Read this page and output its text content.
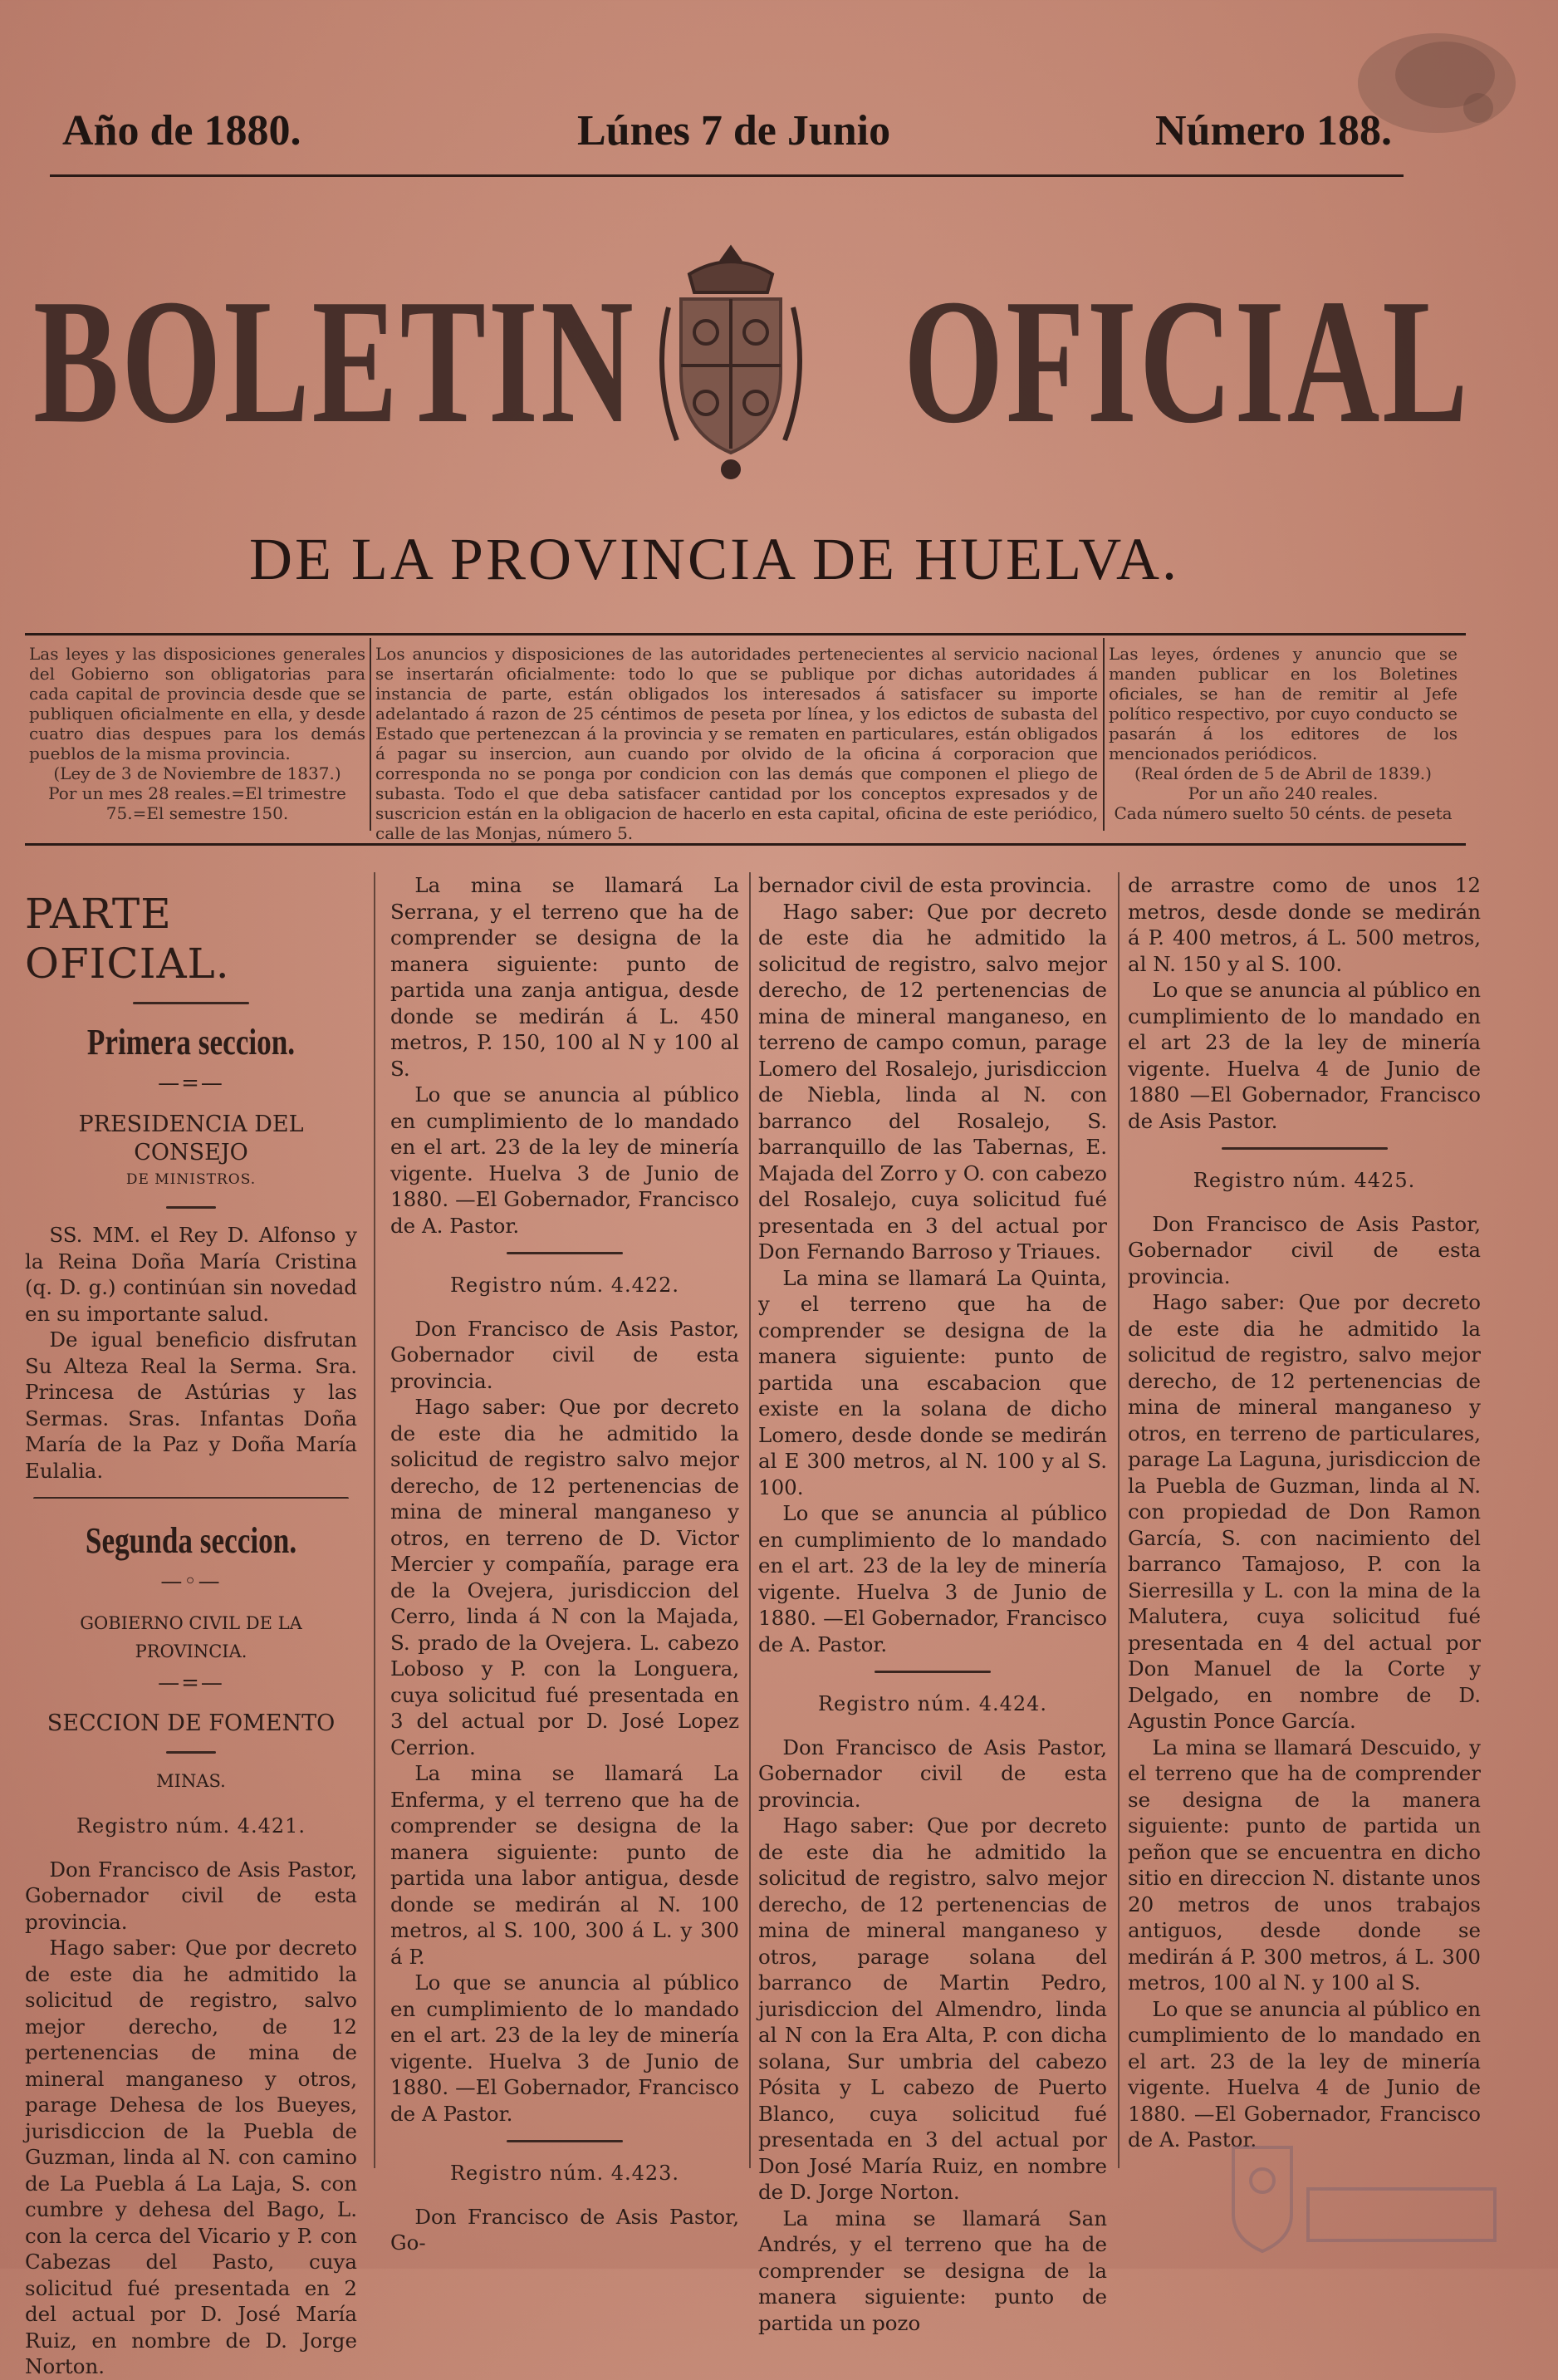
Año de 1880.	Lúnes 7 de Junio	Número 188.
BOLETIN OFICIAL
DE LA PROVINCIA DE HUELVA.

Las leyes y las disposiciones generales del Gobierno son obligatorias para cada capital de provincia desde que se publiquen oficialmente en ella, y desde cuatro dias despues para los demás pueblos de la misma provincia.

(Ley de 3 de Noviembre de 1837.)

Por un mes 28 reales.=El trimestre 75.=El semestre 150.

Los anuncios y disposiciones de las autoridades pertenecientes al servicio nacional se insertarán oficialmente: todo lo que se publique por dichas autoridades á instancia de parte, están obligados los interesados á satisfacer su importe adelantado á razon de 25 céntimos de peseta por línea, y los edictos de subasta del Estado que pertenezcan á la provincia y se rematen en particulares, están obligados á pagar su insercion, aun cuando por olvido de la oficina á corporacion que corresponda no se ponga por condicion con las demás que componen el pliego de subasta. Todo el que deba satisfacer cantidad por los conceptos expresados y de suscricion están en la obligacion de hacerlo en esta capital, oficina de este periódico, calle de las Monjas, número 5.

Las leyes, órdenes y anuncio que se manden publicar en los Boletines oficiales, se han de remitir al Jefe político respectivo, por cuyo conducto se pasarán á los editores de los mencionados periódicos.

(Real órden de 5 de Abril de 1839.)

Por un año 240 reales.

Cada número suelto 50 cénts. de peseta

PARTE OFICIAL.
Primera seccion.
—=—
PRESIDENCIA DEL CONSEJO
DE MINISTROS.

SS. MM. el Rey D. Alfonso y la Reina Doña María Cristina (q. D. g.) continúan sin novedad en su importante salud.

De igual beneficio disfrutan Su Alteza Real la Serma. Sra. Princesa de Astúrias y las Sermas. Sras. Infantas Doña María de la Paz y Doña María Eulalia.

Segunda seccion.
—◦—
GOBIERNO CIVIL DE LA PROVINCIA.
—=—
SECCION DE FOMENTO
MINAS.
Registro núm. 4.421.

Don Francisco de Asis Pastor, Gobernador civil de esta provincia.

Hago saber: Que por decreto de este dia he admitido la solicitud de registro, salvo mejor derecho, de 12 pertenencias de mina de mineral manganeso y otros, parage Dehesa de los Bueyes, jurisdiccion de la Puebla de Guzman, linda al N. con camino de La Puebla á La Laja, S. con cumbre y dehesa del Bago, L. con la cerca del Vicario y P. con Cabezas del Pasto, cuya solicitud fué presentada en 2 del actual por D. José María Ruiz, en nombre de D. Jorge Norton.

La mina se llamará La Serrana, y el terreno que ha de comprender se designa de la manera siguiente: punto de partida una zanja antigua, desde donde se medirán á L. 450 metros, P. 150, 100 al N y 100 al S.

Lo que se anuncia al público en cumplimiento de lo mandado en el art. 23 de la ley de minería vigente. Huelva 3 de Junio de 1880. —El Gobernador, Francisco de A. Pastor.

Registro núm. 4.422.

Don Francisco de Asis Pastor, Gobernador civil de esta provincia.

Hago saber: Que por decreto de este dia he admitido la solicitud de registro salvo mejor derecho, de 12 pertenencias de mina de mineral manganeso y otros, en terreno de D. Victor Mercier y compañía, parage era de la Ovejera, jurisdiccion del Cerro, linda á N con la Majada, S. prado de la Ovejera. L. cabezo Loboso y P. con la Longuera, cuya solicitud fué presentada en 3 del actual por D. José Lopez Cerrion.

La mina se llamará La Enferma, y el terreno que ha de comprender se designa de la manera siguiente: punto de partida una labor antigua, desde donde se medirán al N. 100 metros, al S. 100, 300 á L. y 300 á P.

Lo que se anuncia al público en cumplimiento de lo mandado en el art. 23 de la ley de minería vigente. Huelva 3 de Junio de 1880. —El Gobernador, Francisco de A Pastor.

Registro núm. 4.423.

Don Francisco de Asis Pastor, Go-

bernador civil de esta provincia.

Hago saber: Que por decreto de este dia he admitido la solicitud de registro, salvo mejor derecho, de 12 pertenencias de mina de mineral manganeso, en terreno de campo comun, parage Lomero del Rosalejo, jurisdiccion de Niebla, linda al N. con barranco del Rosalejo, S. barranquillo de las Tabernas, E. Majada del Zorro y O. con cabezo del Rosalejo, cuya solicitud fué presentada en 3 del actual por Don Fernando Barroso y Triaues.

La mina se llamará La Quinta, y el terreno que ha de comprender se designa de la manera siguiente: punto de partida una escabacion que existe en la solana de dicho Lomero, desde donde se medirán al E 300 metros, al N. 100 y al S. 100.

Lo que se anuncia al público en cumplimiento de lo mandado en el art. 23 de la ley de minería vigente. Huelva 3 de Junio de 1880. —El Gobernador, Francisco de A. Pastor.

Registro núm. 4.424.

Don Francisco de Asis Pastor, Gobernador civil de esta provincia.

Hago saber: Que por decreto de este dia he admitido la solicitud de registro, salvo mejor derecho, de 12 pertenencias de mina de mineral manganeso y otros, parage solana del barranco de Martin Pedro, jurisdiccion del Almendro, linda al N con la Era Alta, P. con dicha solana, Sur umbria del cabezo Pósita y L cabezo de Puerto Blanco, cuya solicitud fué presentada en 3 del actual por Don José María Ruiz, en nombre de D. Jorge Norton.

La mina se llamará San Andrés, y el terreno que ha de comprender se designa de la manera siguiente: punto de partida un pozo

de arrastre como de unos 12 metros, desde donde se medirán á P. 400 metros, á L. 500 metros, al N. 150 y al S. 100.

Lo que se anuncia al público en cumplimiento de lo mandado en el art 23 de la ley de minería vigente. Huelva 4 de Junio de 1880 —El Gobernador, Francisco de Asis Pastor.

Registro núm. 4425.

Don Francisco de Asis Pastor, Gobernador civil de esta provincia.

Hago saber: Que por decreto de este dia he admitido la solicitud de registro, salvo mejor derecho, de 12 pertenencias de mina de mineral manganeso y otros, en terreno de particulares, parage La Laguna, jurisdiccion de la Puebla de Guzman, linda al N. con propiedad de Don Ramon García, S. con nacimiento del barranco Tamajoso, P. con la Sierresilla y L. con la mina de la Malutera, cuya solicitud fué presentada en 4 del actual por Don Manuel de la Corte y Delgado, en nombre de D. Agustin Ponce García.

La mina se llamará Descuido, y el terreno que ha de comprender se designa de la manera siguiente: punto de partida un peñon que se encuentra en dicho sitio en direccion N. distante unos 20 metros de unos trabajos antiguos, desde donde se medirán á P. 300 metros, á L. 300 metros, 100 al N. y 100 al S.

Lo que se anuncia al público en cumplimiento de lo mandado en el art. 23 de la ley de minería vigente. Huelva 4 de Junio de 1880. —El Gobernador, Francisco de A. Pastor.
